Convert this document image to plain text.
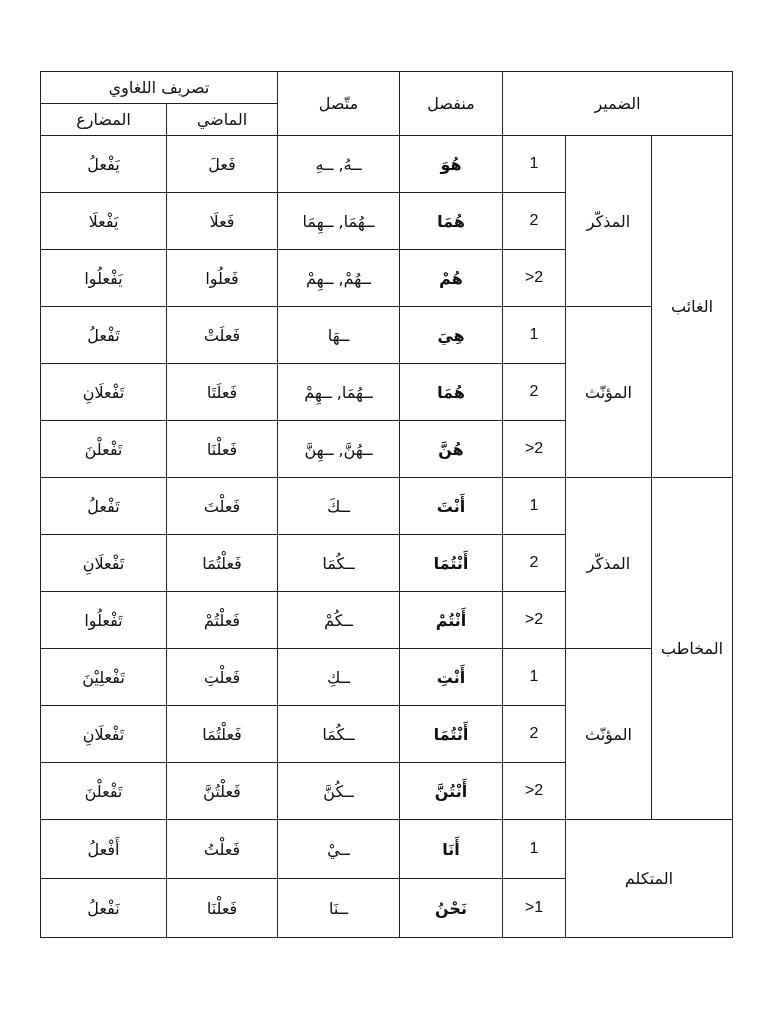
تصريف اللغاوي		متّصل	منفصل	الضمير		
المضارع	الماضي					
يَفْعلُ	فَعلَ	ــهُ, ــهِ	هُوَ	1	المذكّر	الغائب
يَفْعلَا	فَعلَا	ــهُمَا, ــهِمَا	هُمَا	2		
يَفْعلُوا	فَعلُوا	ــهُمْ, ــهِمْ	هُمْ	>2		
تَفْعلُ	فَعلَتْ	ــهَا	هِيَ	1	المؤنّث	
تَفْعلَانِ	فَعلَتَا	ــهُمَا, ــهِمْ	هُمَا	2		
تَفْعلْنَ	فَعلْنَا	ــهُنَّ, ــهِنَّ	هُنَّ	>2		
تَفْعلُ	فَعلْتَ	ــكَ	أَنْتَ	1	المذكّر	المخاطب
تَفْعلَانِ	فَعلْتُمَا	ــكُمَا	أَنْتُمَا	2		
تَفْعلُوا	فَعلْتُمْ	ــكُمْ	أَنْتُمْ	>2		
تَفْعلِيْنَ	فَعلْتِ	ــكِ	أَنْتِ	1	المؤنّث	
تَفْعلَانِ	فَعلْتُمَا	ــكُمَا	أَنْتُمَا	2		
تَفْعلْنَ	فَعلْتُنَّ	ــكُنَّ	أَنْتُنَّ	>2		
أَفْعلُ	فَعلْتُ	ــيْ	أَنَا	1	المتكلم	
نَفْعلُ	فَعلْنَا	ــنَا	نَحْنُ	>1		
